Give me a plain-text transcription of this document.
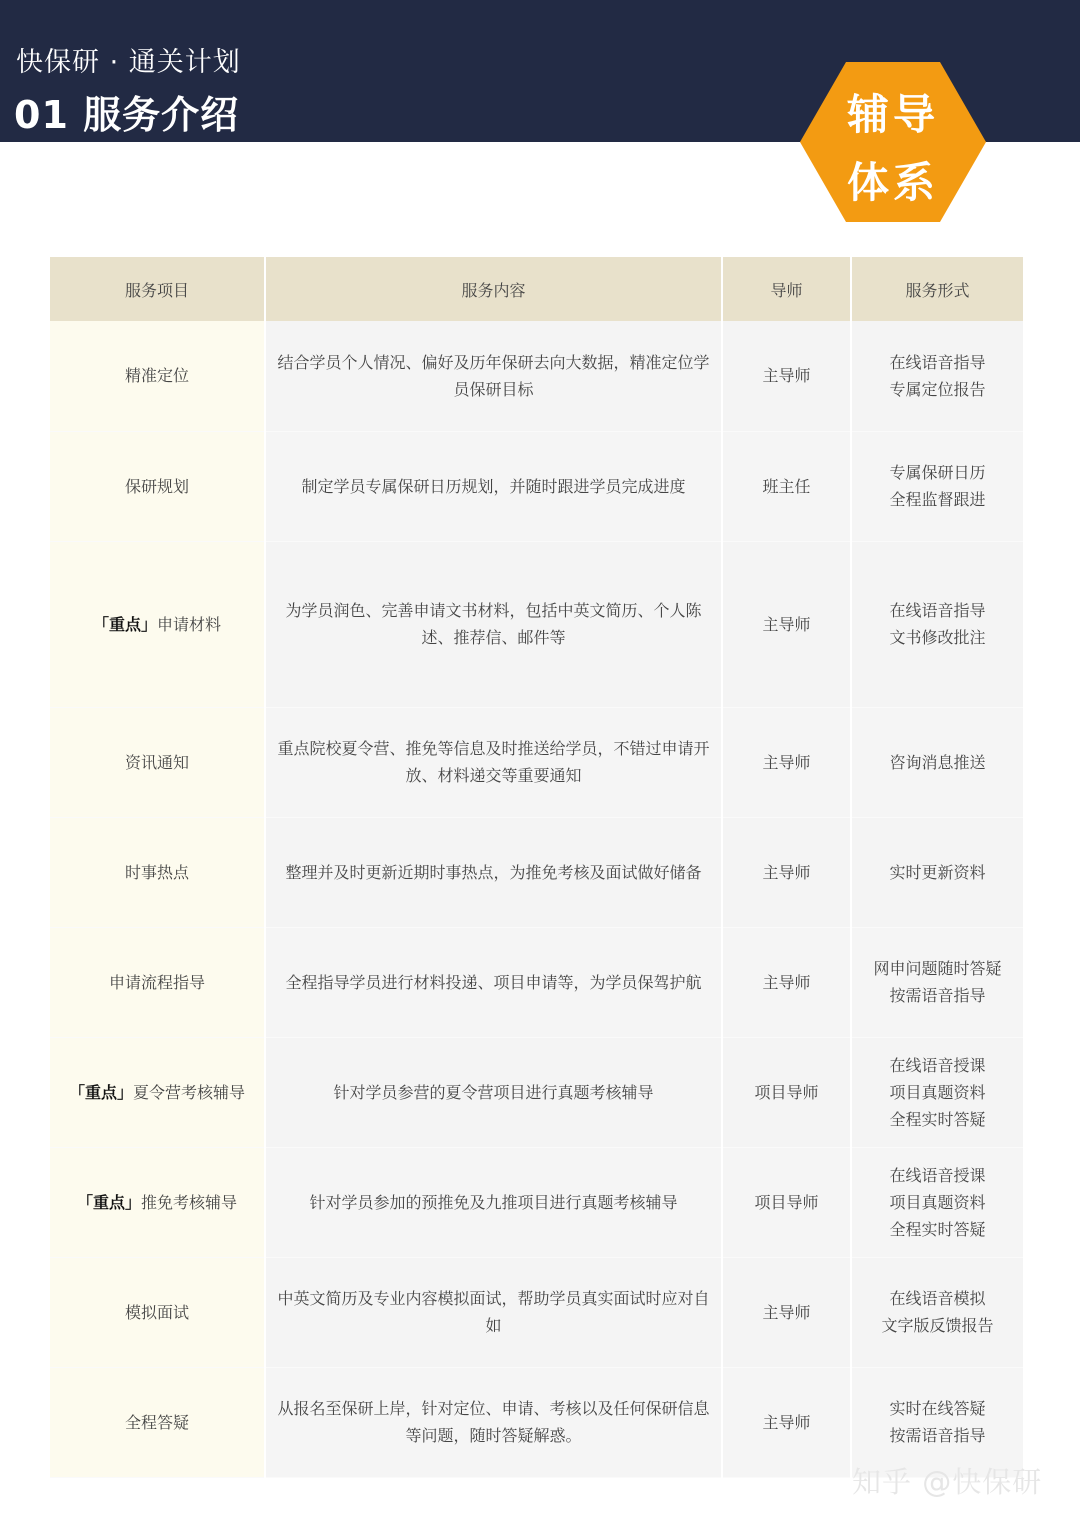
快保研 · 通关计划
01 服务介绍	辅导
体系
服务项目	服务内容	导师	服务形式
精准定位	结合学员个人情况、偏好及历年保研去向大数据，精准定位学员保研目标	主导师	在线语音指导
专属定位报告

保研规划	制定学员专属保研日历规划，并随时跟进学员完成进度	班主任	专属保研日历
全程监督跟进

「重点」申请材料	为学员润色、完善申请文书材料，包括中英文简历、个人陈述、推荐信、邮件等	主导师	在线语音指导
文书修改批注

资讯通知	重点院校夏令营、推免等信息及时推送给学员，不错过申请开放、材料递交等重要通知	主导师	咨询消息推送

时事热点	整理并及时更新近期时事热点，为推免考核及面试做好储备	主导师	实时更新资料

申请流程指导	全程指导学员进行材料投递、项目申请等，为学员保驾护航	主导师	网申问题随时答疑
按需语音指导

「重点」夏令营考核辅导	针对学员参营的夏令营项目进行真题考核辅导	项目导师	在线语音授课
项目真题资料
全程实时答疑

「重点」推免考核辅导	针对学员参加的预推免及九推项目进行真题考核辅导	项目导师	在线语音授课
项目真题资料
全程实时答疑

模拟面试	中英文简历及专业内容模拟面试，帮助学员真实面试时应对自如	主导师	在线语音模拟
文字版反馈报告

全程答疑	从报名至保研上岸，针对定位、申请、考核以及任何保研信息等问题，随时答疑解惑。	主导师	实时在线答疑
按需语音指导
知乎 @快保研
